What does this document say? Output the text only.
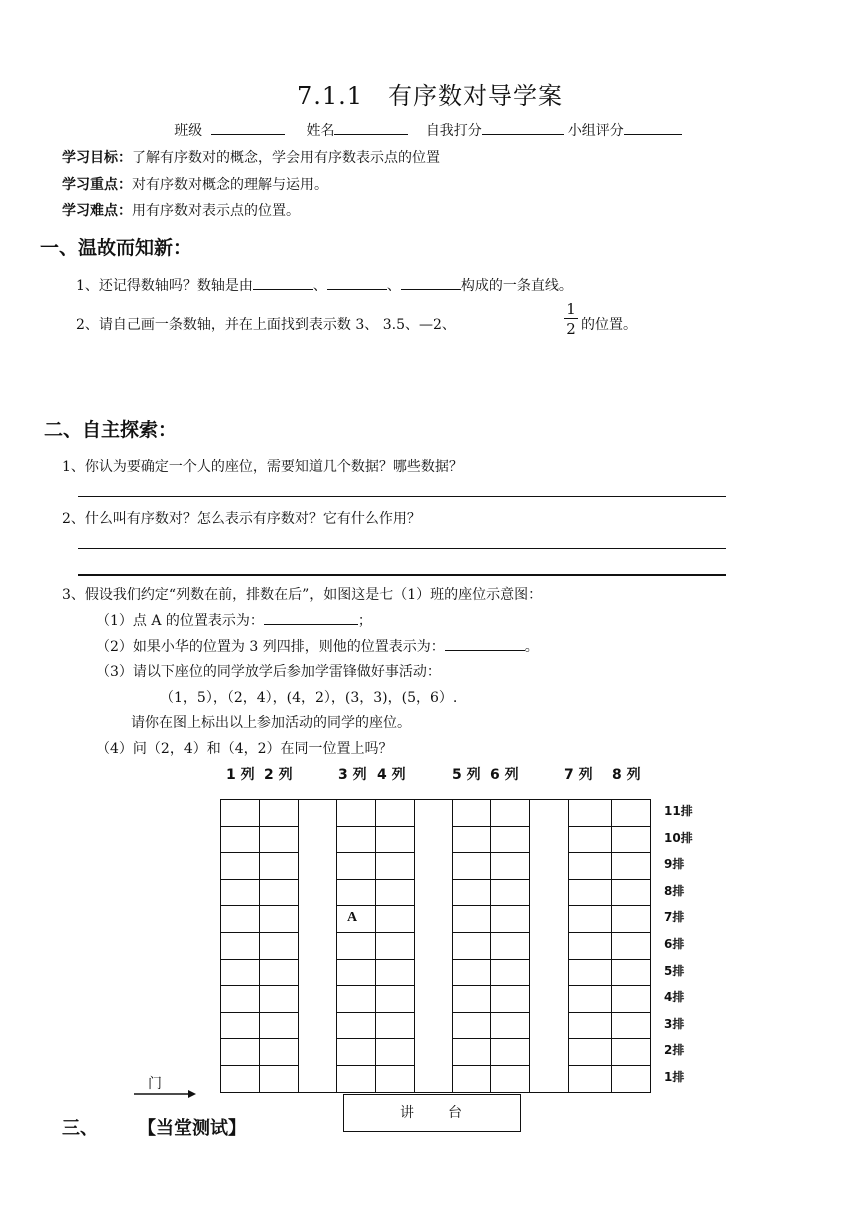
7.1.1　有序数对导学案
班级	姓名	自我打分	小组评分
学习目标：了解有序数对的概念，学会用有序数表示点的位置
学习重点：对有序数对概念的理解与运用。
学习难点：用有序数对表示点的位置。
一、温故而知新：
1、还记得数轴吗？数轴是由	、	、	构成的一条直线。
2、请自己画一条数轴，并在上面找到表示数 3、 3.5、—2、
1
2 的位置。
二、自主探索：
1、你认为要确定一个人的座位，需要知道几个数据？哪些数据？
2、什么叫有序数对？怎么表示有序数对？它有什么作用？
3、假设我们约定“列数在前，排数在后”，如图这是七（1）班的座位示意图：
（1）点 A 的位置表示为：	；
（2）如果小华的位置为 3 列四排，则他的位置表示为：	。
（3）请以下座位的同学放学后参加学雷锋做好事活动：
（1，5），（2，4），(4，2），(3，3)，(5，6）.
请你在图上标出以上参加活动的同学的座位。
（4）问（2，4）和（4，2）在同一位置上吗？
1 列 2 列	3 列 4 列	5 列 6 列	7 列 8 列
A
11排
10排
9排
8排
7排
6排
5排
4排
3排
2排
1排
门
讲　　台
三、 【当堂测试】
